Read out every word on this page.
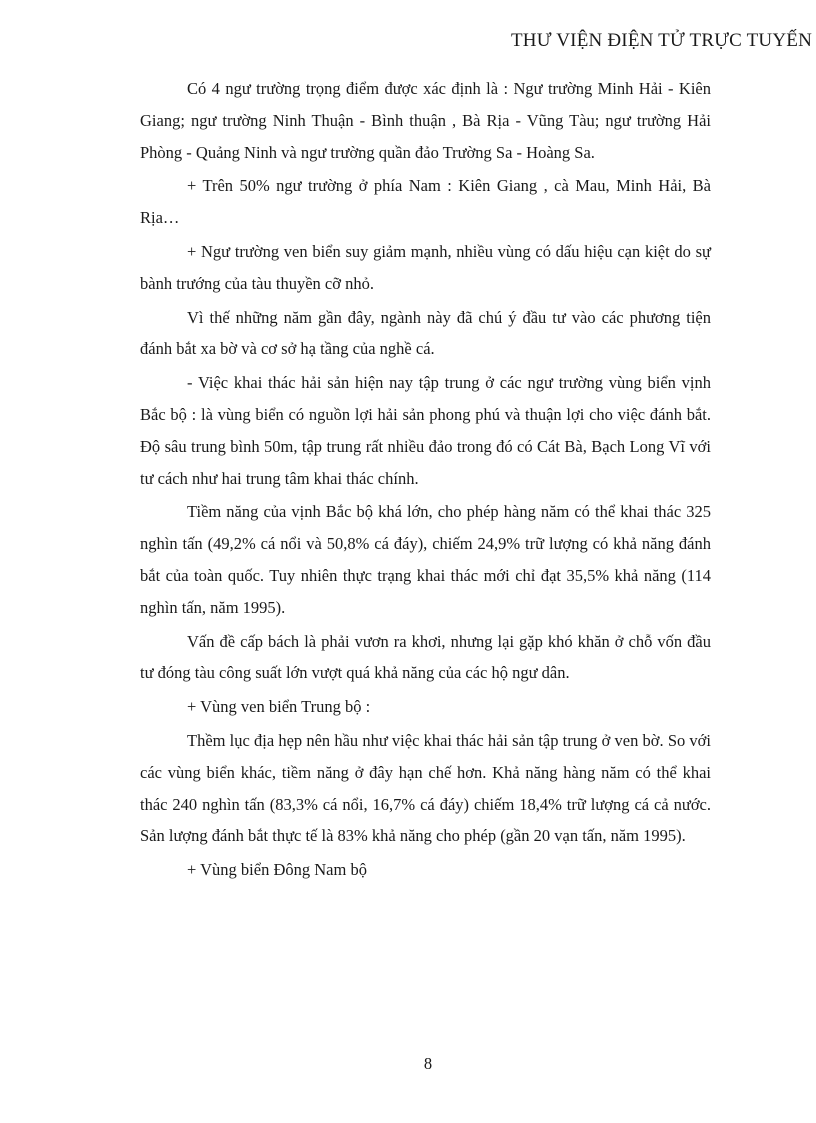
THƯ VIỆN ĐIỆN TỬ TRỰC TUYẾN

Có 4 ngư trường trọng điểm được xác định là : Ngư trường Minh Hải - Kiên Giang; ngư trường Ninh Thuận - Bình thuận , Bà Rịa - Vũng Tàu; ngư trường Hải Phòng - Quảng Ninh và ngư trường quần đảo Trường Sa - Hoàng Sa.

+ Trên 50% ngư trường ở phía Nam : Kiên Giang , cà Mau, Minh Hải, Bà Rịa…

+ Ngư trường ven biển suy giảm mạnh, nhiều vùng có dấu hiệu cạn kiệt do sự bành trướng của tàu thuyền cỡ nhỏ.

Vì thế những năm gần đây, ngành này đã chú ý đầu tư vào các phương tiện đánh bắt xa bờ và cơ sở hạ tầng của nghề cá.

- Việc khai thác hải sản hiện nay tập trung ở các ngư trường vùng biển vịnh Bắc bộ : là vùng biển có nguồn lợi hải sản phong phú và thuận lợi cho việc đánh bắt. Độ sâu trung bình 50m, tập trung rất nhiều đảo trong đó có Cát Bà, Bạch Long Vĩ với tư cách như hai trung tâm khai thác chính.

Tiềm năng của vịnh Bắc bộ khá lớn, cho phép hàng năm có thể khai thác 325 nghìn tấn (49,2% cá nổi và 50,8% cá đáy), chiếm 24,9% trữ lượng có khả năng đánh bắt của toàn quốc. Tuy nhiên thực trạng khai thác mới chỉ đạt 35,5% khả năng (114 nghìn tấn, năm 1995).

Vấn đề cấp bách là phải vươn ra khơi, nhưng lại gặp khó khăn ở chỗ vốn đầu tư đóng tàu công suất lớn vượt quá khả năng của các hộ ngư dân.

+ Vùng ven biển Trung bộ :

Thềm lục địa hẹp nên hầu như việc khai thác hải sản tập trung ở ven bờ. So với các vùng biển khác, tiềm năng ở đây hạn chế hơn. Khả năng hàng năm có thể khai thác 240 nghìn tấn (83,3% cá nổi, 16,7% cá đáy) chiếm 18,4% trữ lượng cá cả nước. Sản lượng đánh bắt thực tế là 83% khả năng cho phép (gần 20 vạn tấn, năm 1995).

+ Vùng biển Đông Nam bộ

8
